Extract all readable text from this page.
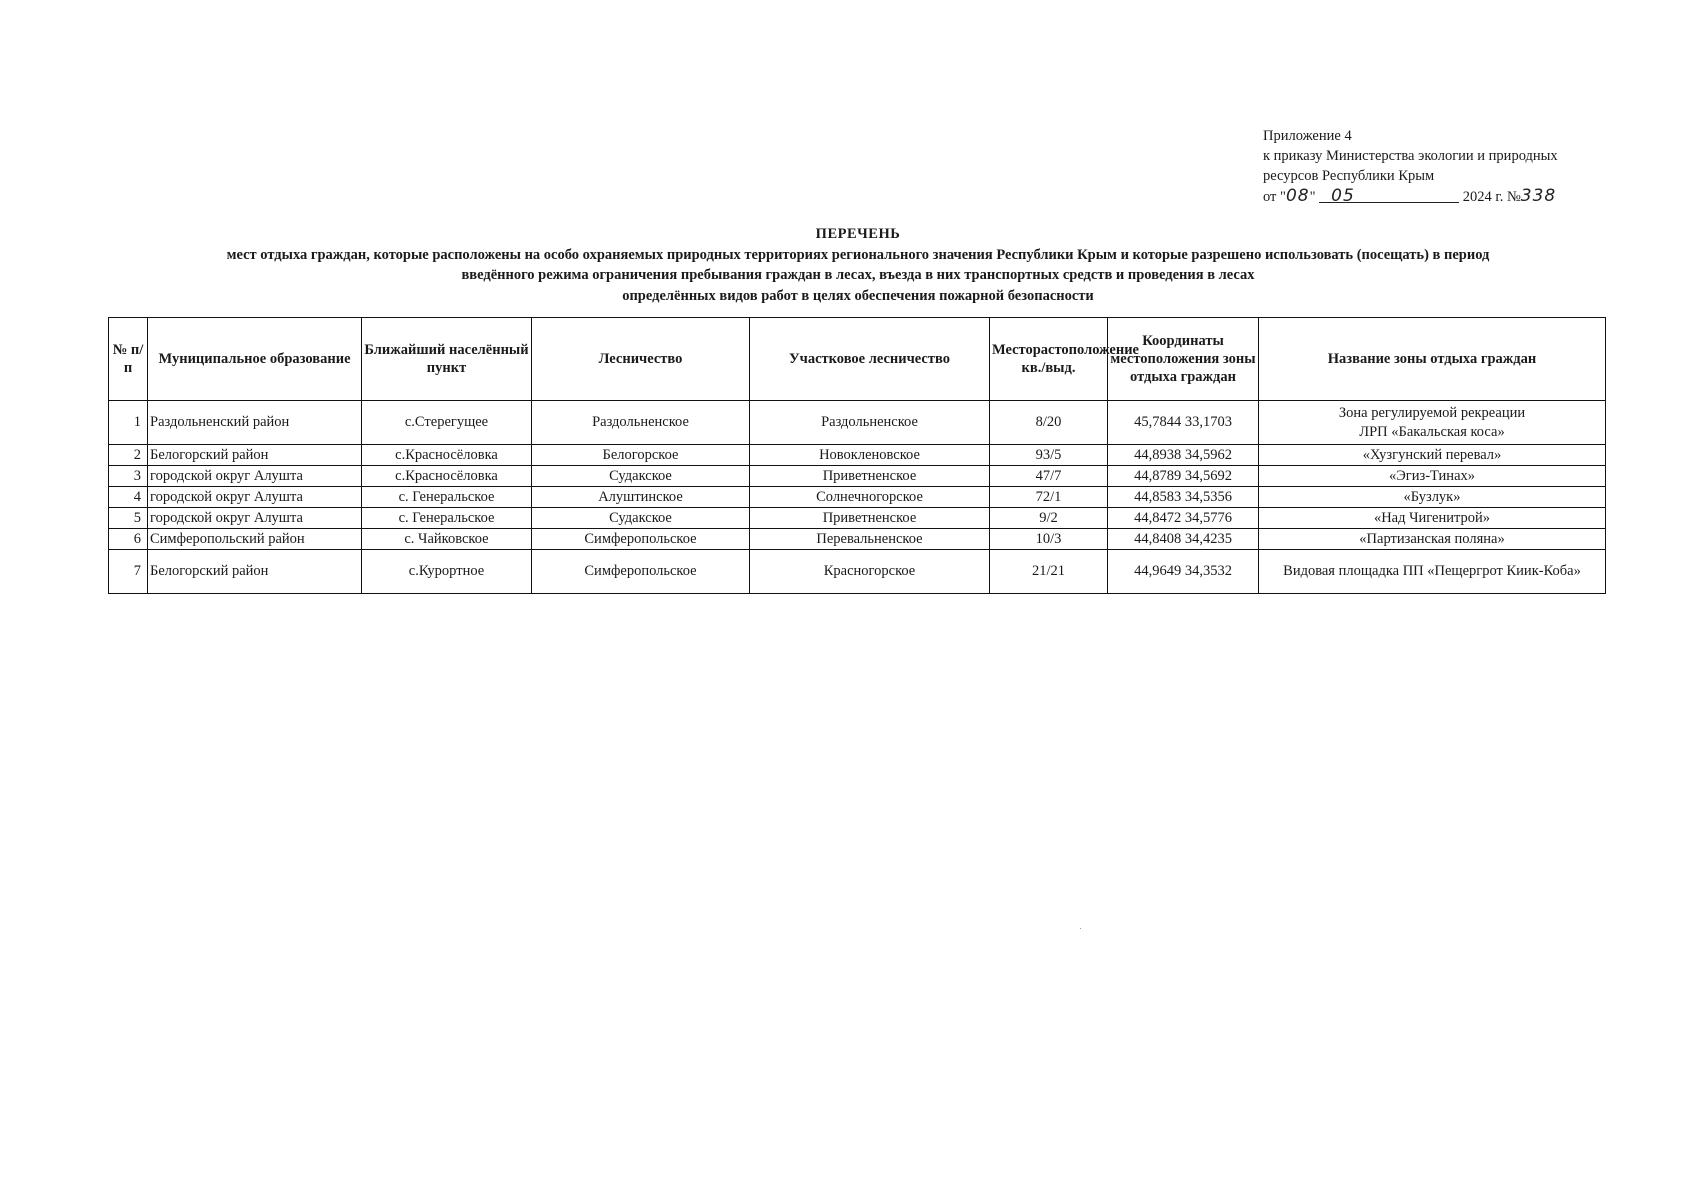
Приложение 4
к приказу Министерства экологии и природных
ресурсов Республики Крым
от "08" 05	2024 г. №338
ПЕРЕЧЕНЬ
мест отдыха граждан, которые расположены на особо охраняемых природных территориях регионального значения Республики Крым и которые разрешено использовать (посещать) в период
введённого режима ограничения пребывания граждан в лесах, въезда в них транспортных средств и проведения в лесах
определённых видов работ в целях обеспечения пожарной безопасности
№ п/п	Муниципальное образование	Ближайший населённый пункт	Лесничество	Участковое лесничество	Месторастоположение кв./выд.	Координаты местоположения зоны отдыха граждан	Название зоны отдыха граждан
1	Раздольненский район	с.Стерегущее	Раздольненское	Раздольненское	8/20	45,7844 33,1703	Зона регулируемой рекреации
ЛРП «Бакальская коса»

2	Белогорский район	с.Красносёловка	Белогорское	Новокленовское	93/5	44,8938 34,5962	«Хузгунский перевал»
3	городской округ Алушта	с.Красносёловка	Судакское	Приветненское	47/7	44,8789 34,5692	«Эгиз-Тинах»
4	городской округ Алушта	с. Генеральское	Алуштинское	Солнечногорское	72/1	44,8583 34,5356	«Бузлук»
5	городской округ Алушта	с. Генеральское	Судакское	Приветненское	9/2	44,8472 34,5776	«Над Чигенитрой»
6	Симферопольский район	с. Чайковское	Симферопольское	Перевальненское	10/3	44,8408 34,4235	«Партизанская поляна»
7	Белогорский район	с.Курортное	Симферопольское	Красногорское	21/21	44,9649 34,3532	Видовая площадка ПП «Пещергрот Киик-Коба»
